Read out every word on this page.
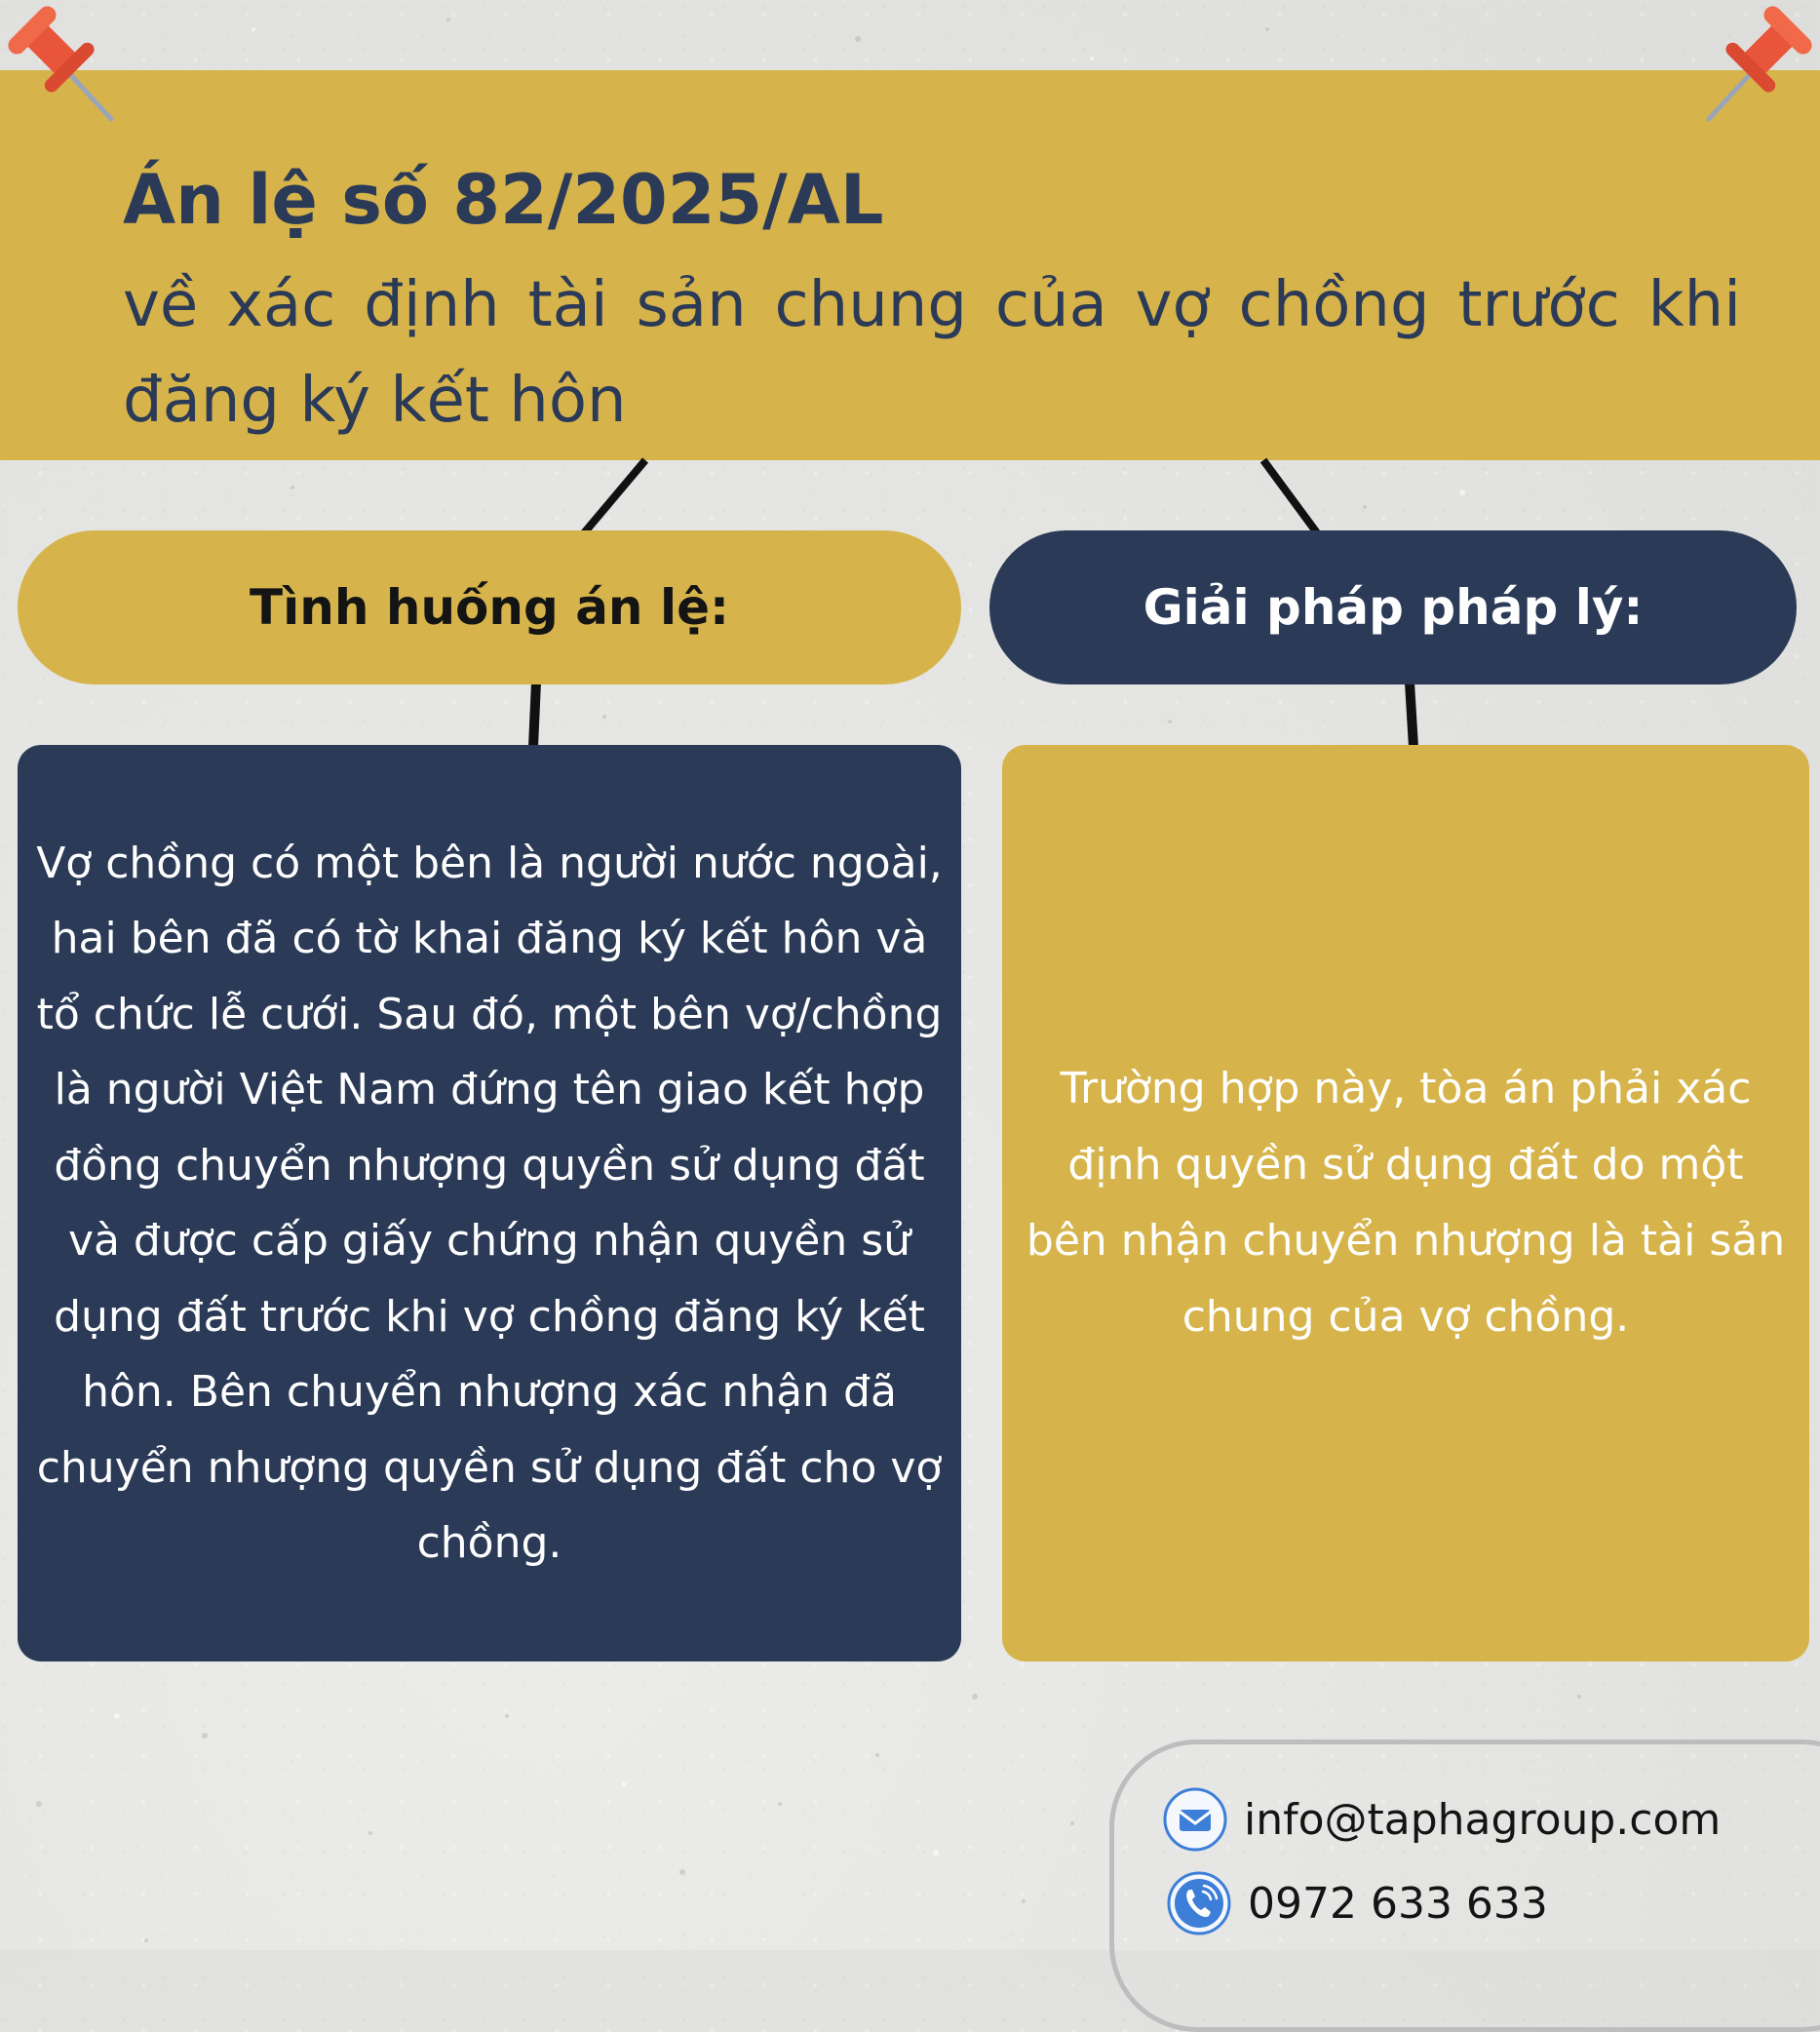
Án lệ số 82/2025/AL

về xác định tài sản chung của vợ chồng trước khi đăng ký kết hôn

Tình huống án lệ:	Giải pháp pháp lý:

Vợ chồng có một bên là người nước ngoài, hai bên đã có tờ khai đăng ký kết hôn và tổ chức lễ cưới. Sau đó, một bên vợ/chồng là người Việt Nam đứng tên giao kết hợp đồng chuyển nhượng quyền sử dụng đất và được cấp giấy chứng nhận quyền sử dụng đất trước khi vợ chồng đăng ký kết hôn. Bên chuyển nhượng xác nhận đã chuyển nhượng quyền sử dụng đất cho vợ chồng.

Trường hợp này, tòa án phải xác định quyền sử dụng đất do một bên nhận chuyển nhượng là tài sản chung của vợ chồng.

info@taphagroup.com
0972 633 633
